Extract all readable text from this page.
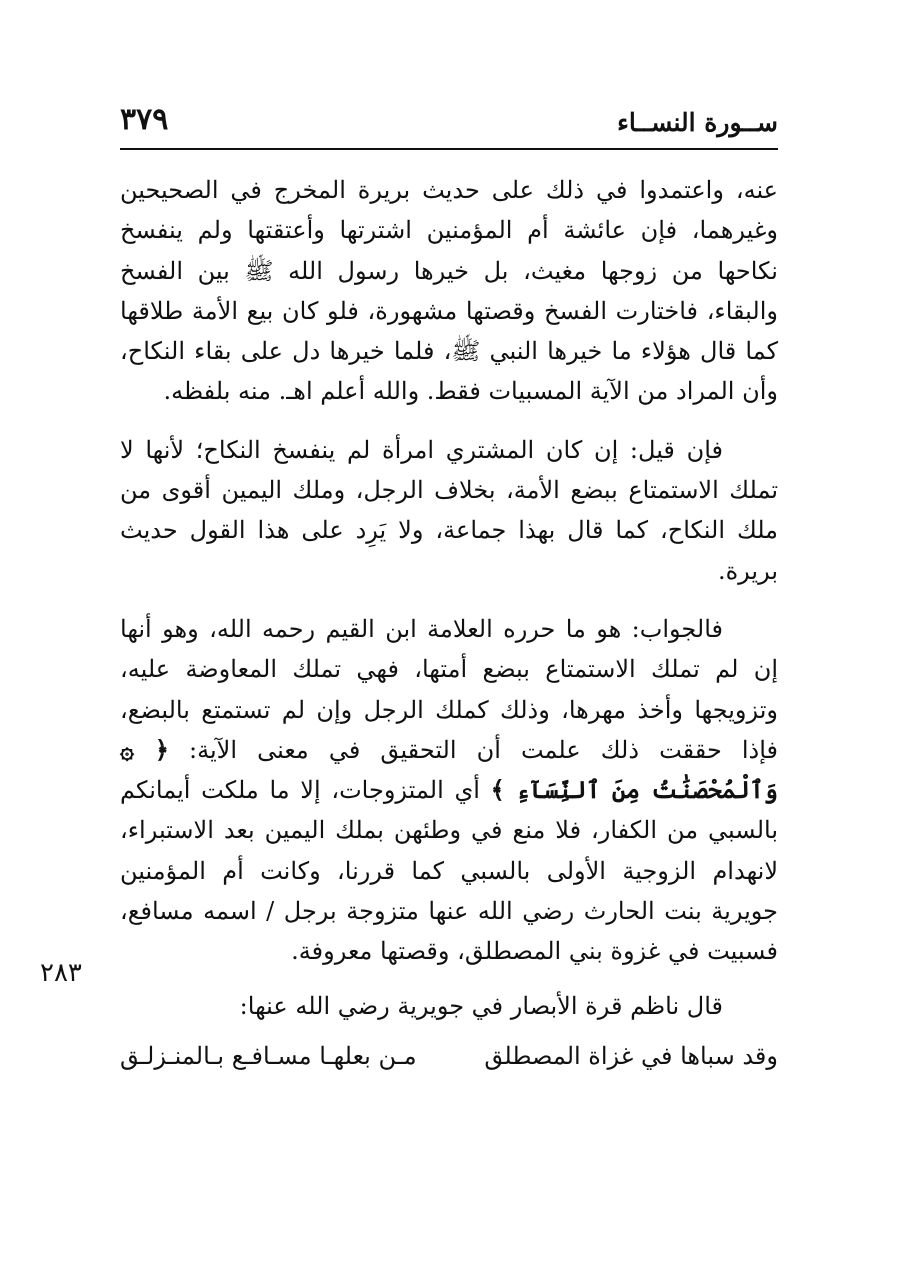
ســورة النســاء
٣٧٩
٢٨٣

عنه، واعتمدوا في ذلك على حديث بريرة المخرج في الصحيحين وغيرهما، فإن عائشة أم المؤمنين اشترتها وأعتقتها ولم ينفسخ نكاحها من زوجها مغيث، بل خيرها رسول الله ﷺ بين الفسخ والبقاء، فاختارت الفسخ وقصتها مشهورة، فلو كان بيع الأمة طلاقها كما قال هؤلاء ما خيرها النبي ﷺ، فلما خيرها دل على بقاء النكاح، وأن المراد من الآية المسبيات فقط. والله أعلم اهـ. منه بلفظه.

فإن قيل: إن كان المشتري امرأة لم ينفسخ النكاح؛ لأنها لا تملك الاستمتاع ببضع الأمة، بخلاف الرجل، وملك اليمين أقوى من ملك النكاح، كما قال بهذا جماعة، ولا يَرِد على هذا القول حديث بريرة.

فالجواب: هو ما حرره العلامة ابن القيم رحمه الله، وهو أنها إن لم تملك الاستمتاع ببضع أمتها، فهي تملك المعاوضة عليه، وتزويجها وأخذ مهرها، وذلك كملك الرجل وإن لم تستمتع بالبضع، فإذا حققت ذلك علمت أن التحقيق في معنى الآية: ﴿ ۞ وَٱلْمُحْصَنَٰتُ مِنَ ٱلنِّسَآءِ ﴾ أي المتزوجات، إلا ما ملكت أيمانكم بالسبي من الكفار، فلا منع في وطئهن بملك اليمين بعد الاستبراء، لانهدام الزوجية الأولى بالسبي كما قررنا، وكانت أم المؤمنين جويرية بنت الحارث رضي الله عنها متزوجة برجل / اسمه مسافع، فسبيت في غزوة بني المصطلق، وقصتها معروفة.

قال ناظم قرة الأبصار في جويرية رضي الله عنها:

وقد سباها في غزاة المصطلق
مـن بعلهـا مسـافـع بـالمنـزلـق
